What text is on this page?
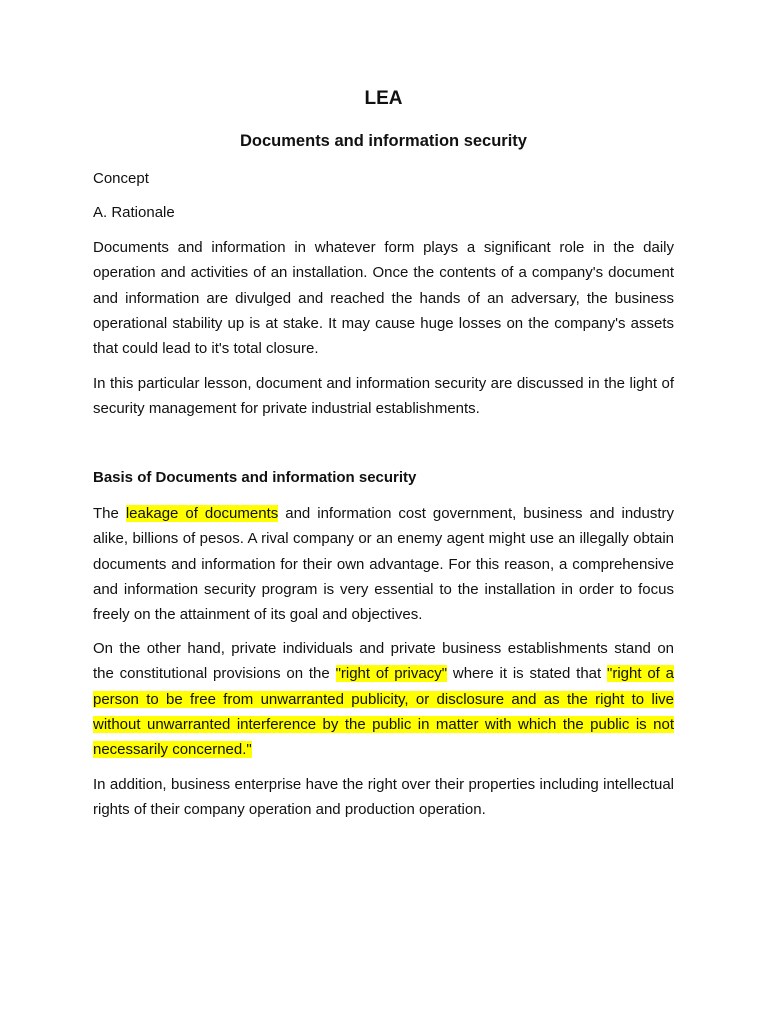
LEA
Documents and information security

Concept

A. Rationale

Documents and information in whatever form plays a significant role in the daily operation and activities of an installation. Once the contents of a company's document and information are divulged and reached the hands of an adversary, the business operational stability up is at stake. It may cause huge losses on the company's assets that could lead to it's total closure.

In this particular lesson, document and information security are discussed in the light of security management for private industrial establishments.

Basis of Documents and information security

The leakage of documents and information cost government, business and industry alike, billions of pesos. A rival company or an enemy agent might use an illegally obtain documents and information for their own advantage. For this reason, a comprehensive and information security program is very essential to the installation in order to focus freely on the attainment of its goal and objectives.

On the other hand, private individuals and private business establishments stand on the constitutional provisions on the "right of privacy" where it is stated that "right of a person to be free from unwarranted publicity, or disclosure and as the right to live without unwarranted interference by the public in matter with which the public is not necessarily concerned."

In addition, business enterprise have the right over their properties including intellectual rights of their company operation and production operation.
